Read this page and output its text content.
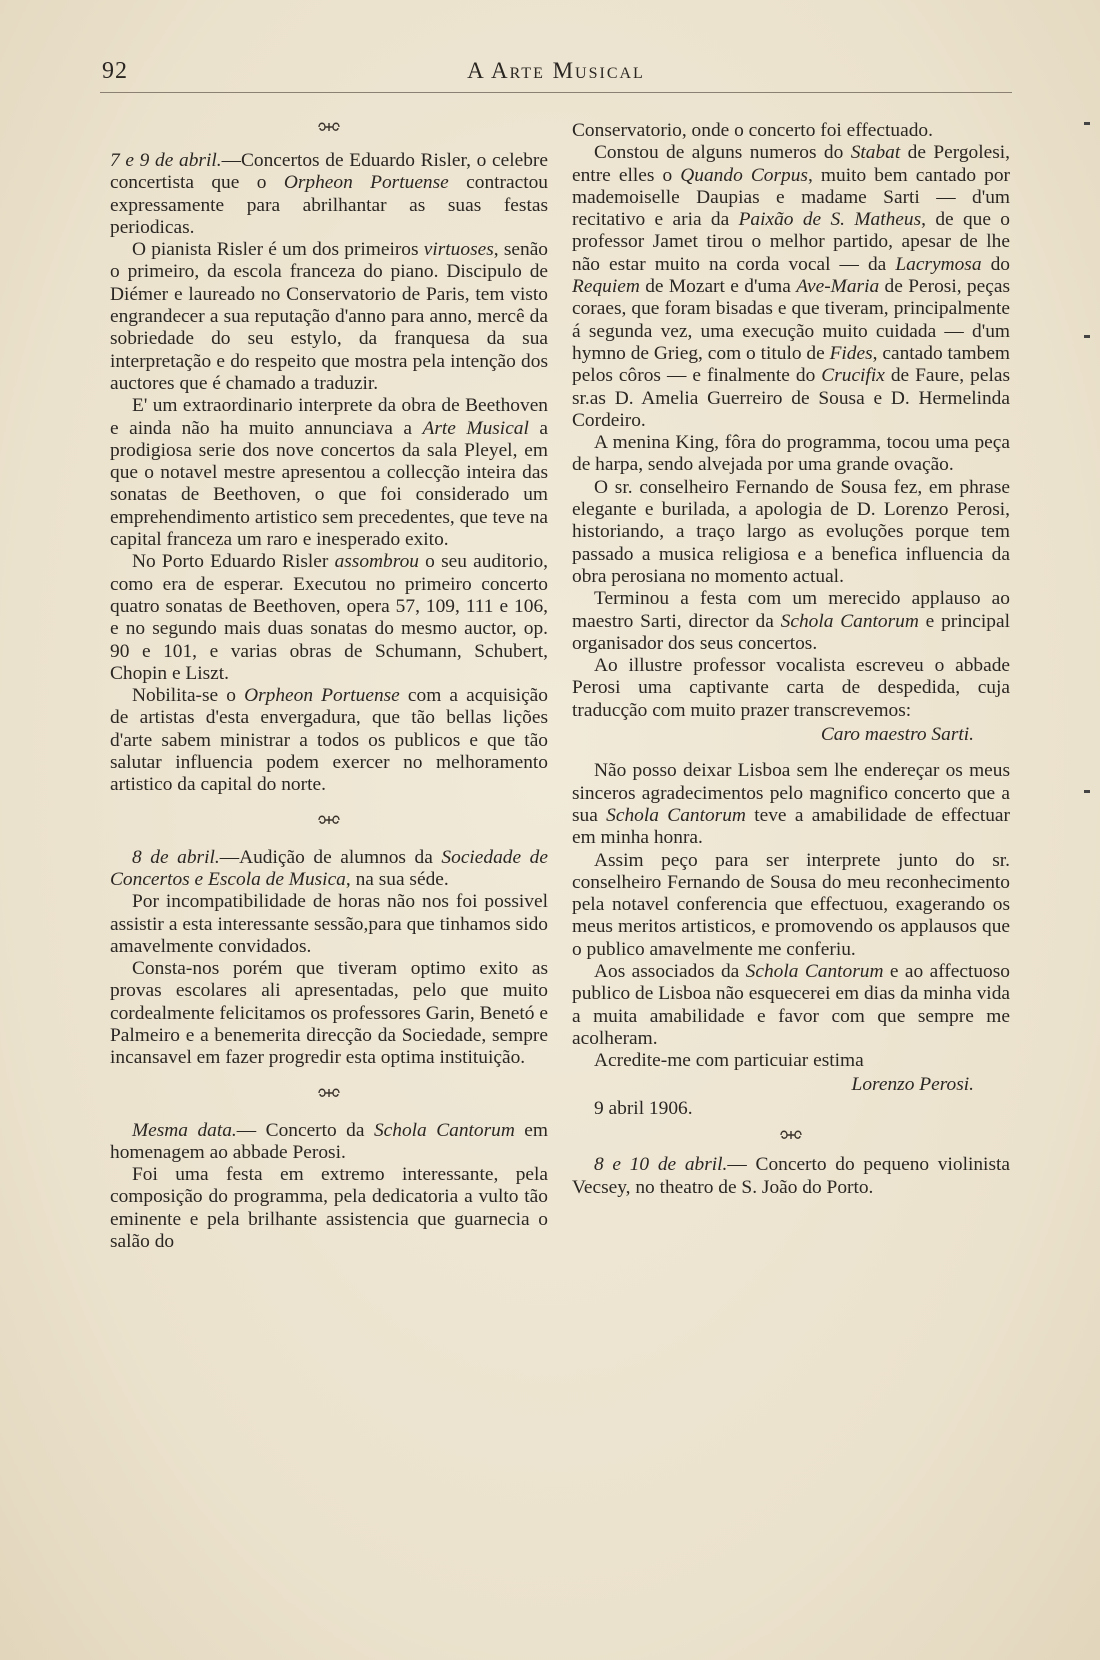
92	A Arte Musical

7 e 9 de abril.—Concertos de Eduardo Risler, o celebre concertista que o Orpheon Portuense contractou expressamente para abrilhantar as suas festas periodicas.

O pianista Risler é um dos primeiros virtuoses, senão o primeiro, da escola franceza do piano. Discipulo de Diémer e laureado no Conservatorio de Paris, tem visto engrandecer a sua reputação d'anno para anno, mercê da sobriedade do seu estylo, da franquesa da sua interpretação e do respeito que mostra pela intenção dos auctores que é chamado a traduzir.

E' um extraordinario interprete da obra de Beethoven e ainda não ha muito annunciava a Arte Musical a prodigiosa serie dos nove concertos da sala Pleyel, em que o notavel mestre apresentou a collecção inteira das sonatas de Beethoven, o que foi considerado um emprehendimento artistico sem precedentes, que teve na capital franceza um raro e inesperado exito.

No Porto Eduardo Risler assombrou o seu auditorio, como era de esperar. Executou no primeiro concerto quatro sonatas de Beethoven, opera 57, 109, 111 e 106, e no segundo mais duas sonatas do mesmo auctor, op. 90 e 101, e varias obras de Schumann, Schubert, Chopin e Liszt.

Nobilita-se o Orpheon Portuense com a acquisição de artistas d'esta envergadura, que tão bellas lições d'arte sabem ministrar a todos os publicos e que tão salutar influencia podem exercer no melhoramento artistico da capital do norte.

8 de abril.—Audição de alumnos da Sociedade de Concertos e Escola de Musica, na sua séde.

Por incompatibilidade de horas não nos foi possivel assistir a esta interessante sessão,para que tinhamos sido amavelmente convidados.

Consta-nos porém que tiveram optimo exito as provas escolares ali apresentadas, pelo que muito cordealmente felicitamos os professores Garin, Benetó e Palmeiro e a benemerita direcção da Sociedade, sempre incansavel em fazer progredir esta optima instituição.

Mesma data.— Concerto da Schola Cantorum em homenagem ao abbade Perosi.

Foi uma festa em extremo interessante, pela composição do programma, pela dedicatoria a vulto tão eminente e pela brilhante assistencia que guarnecia o salão do

Conservatorio, onde o concerto foi effectuado.

Constou de alguns numeros do Stabat de Pergolesi, entre elles o Quando Corpus, muito bem cantado por mademoiselle Daupias e madame Sarti — d'um recitativo e aria da Paixão de S. Matheus, de que o professor Jamet tirou o melhor partido, apesar de lhe não estar muito na corda vocal — da Lacrymosa do Requiem de Mozart e d'uma Ave-Maria de Perosi, peças coraes, que foram bisadas e que tiveram, principalmente á segunda vez, uma execução muito cuidada — d'um hymno de Grieg, com o titulo de Fides, cantado tambem pelos côros — e finalmente do Crucifix de Faure, pelas sr.as D. Amelia Guerreiro de Sousa e D. Hermelinda Cordeiro.

A menina King, fôra do programma, tocou uma peça de harpa, sendo alvejada por uma grande ovação.

O sr. conselheiro Fernando de Sousa fez, em phrase elegante e burilada, a apologia de D. Lorenzo Perosi, historiando, a traço largo as evoluções porque tem passado a musica religiosa e a benefica influencia da obra perosiana no momento actual.

Terminou a festa com um merecido applauso ao maestro Sarti, director da Schola Cantorum e principal organisador dos seus concertos.

Ao illustre professor vocalista escreveu o abbade Perosi uma captivante carta de despedida, cuja traducção com muito prazer transcrevemos:

Caro maestro Sarti.

Não posso deixar Lisboa sem lhe endereçar os meus sinceros agradecimentos pelo magnifico concerto que a sua Schola Cantorum teve a amabilidade de effectuar em minha honra.

Assim peço para ser interprete junto do sr. conselheiro Fernando de Sousa do meu reconhecimento pela notavel conferencia que effectuou, exagerando os meus meritos artisticos, e promovendo os applausos que o publico amavelmente me conferiu.

Aos associados da Schola Cantorum e ao affectuoso publico de Lisboa não esquecerei em dias da minha vida a muita amabilidade e favor com que sempre me acolheram.

Acredite-me com particuiar estima

Lorenzo Perosi.
9 abril 1906.

8 e 10 de abril.— Concerto do pequeno violinista Vecsey, no theatro de S. João do Porto.
